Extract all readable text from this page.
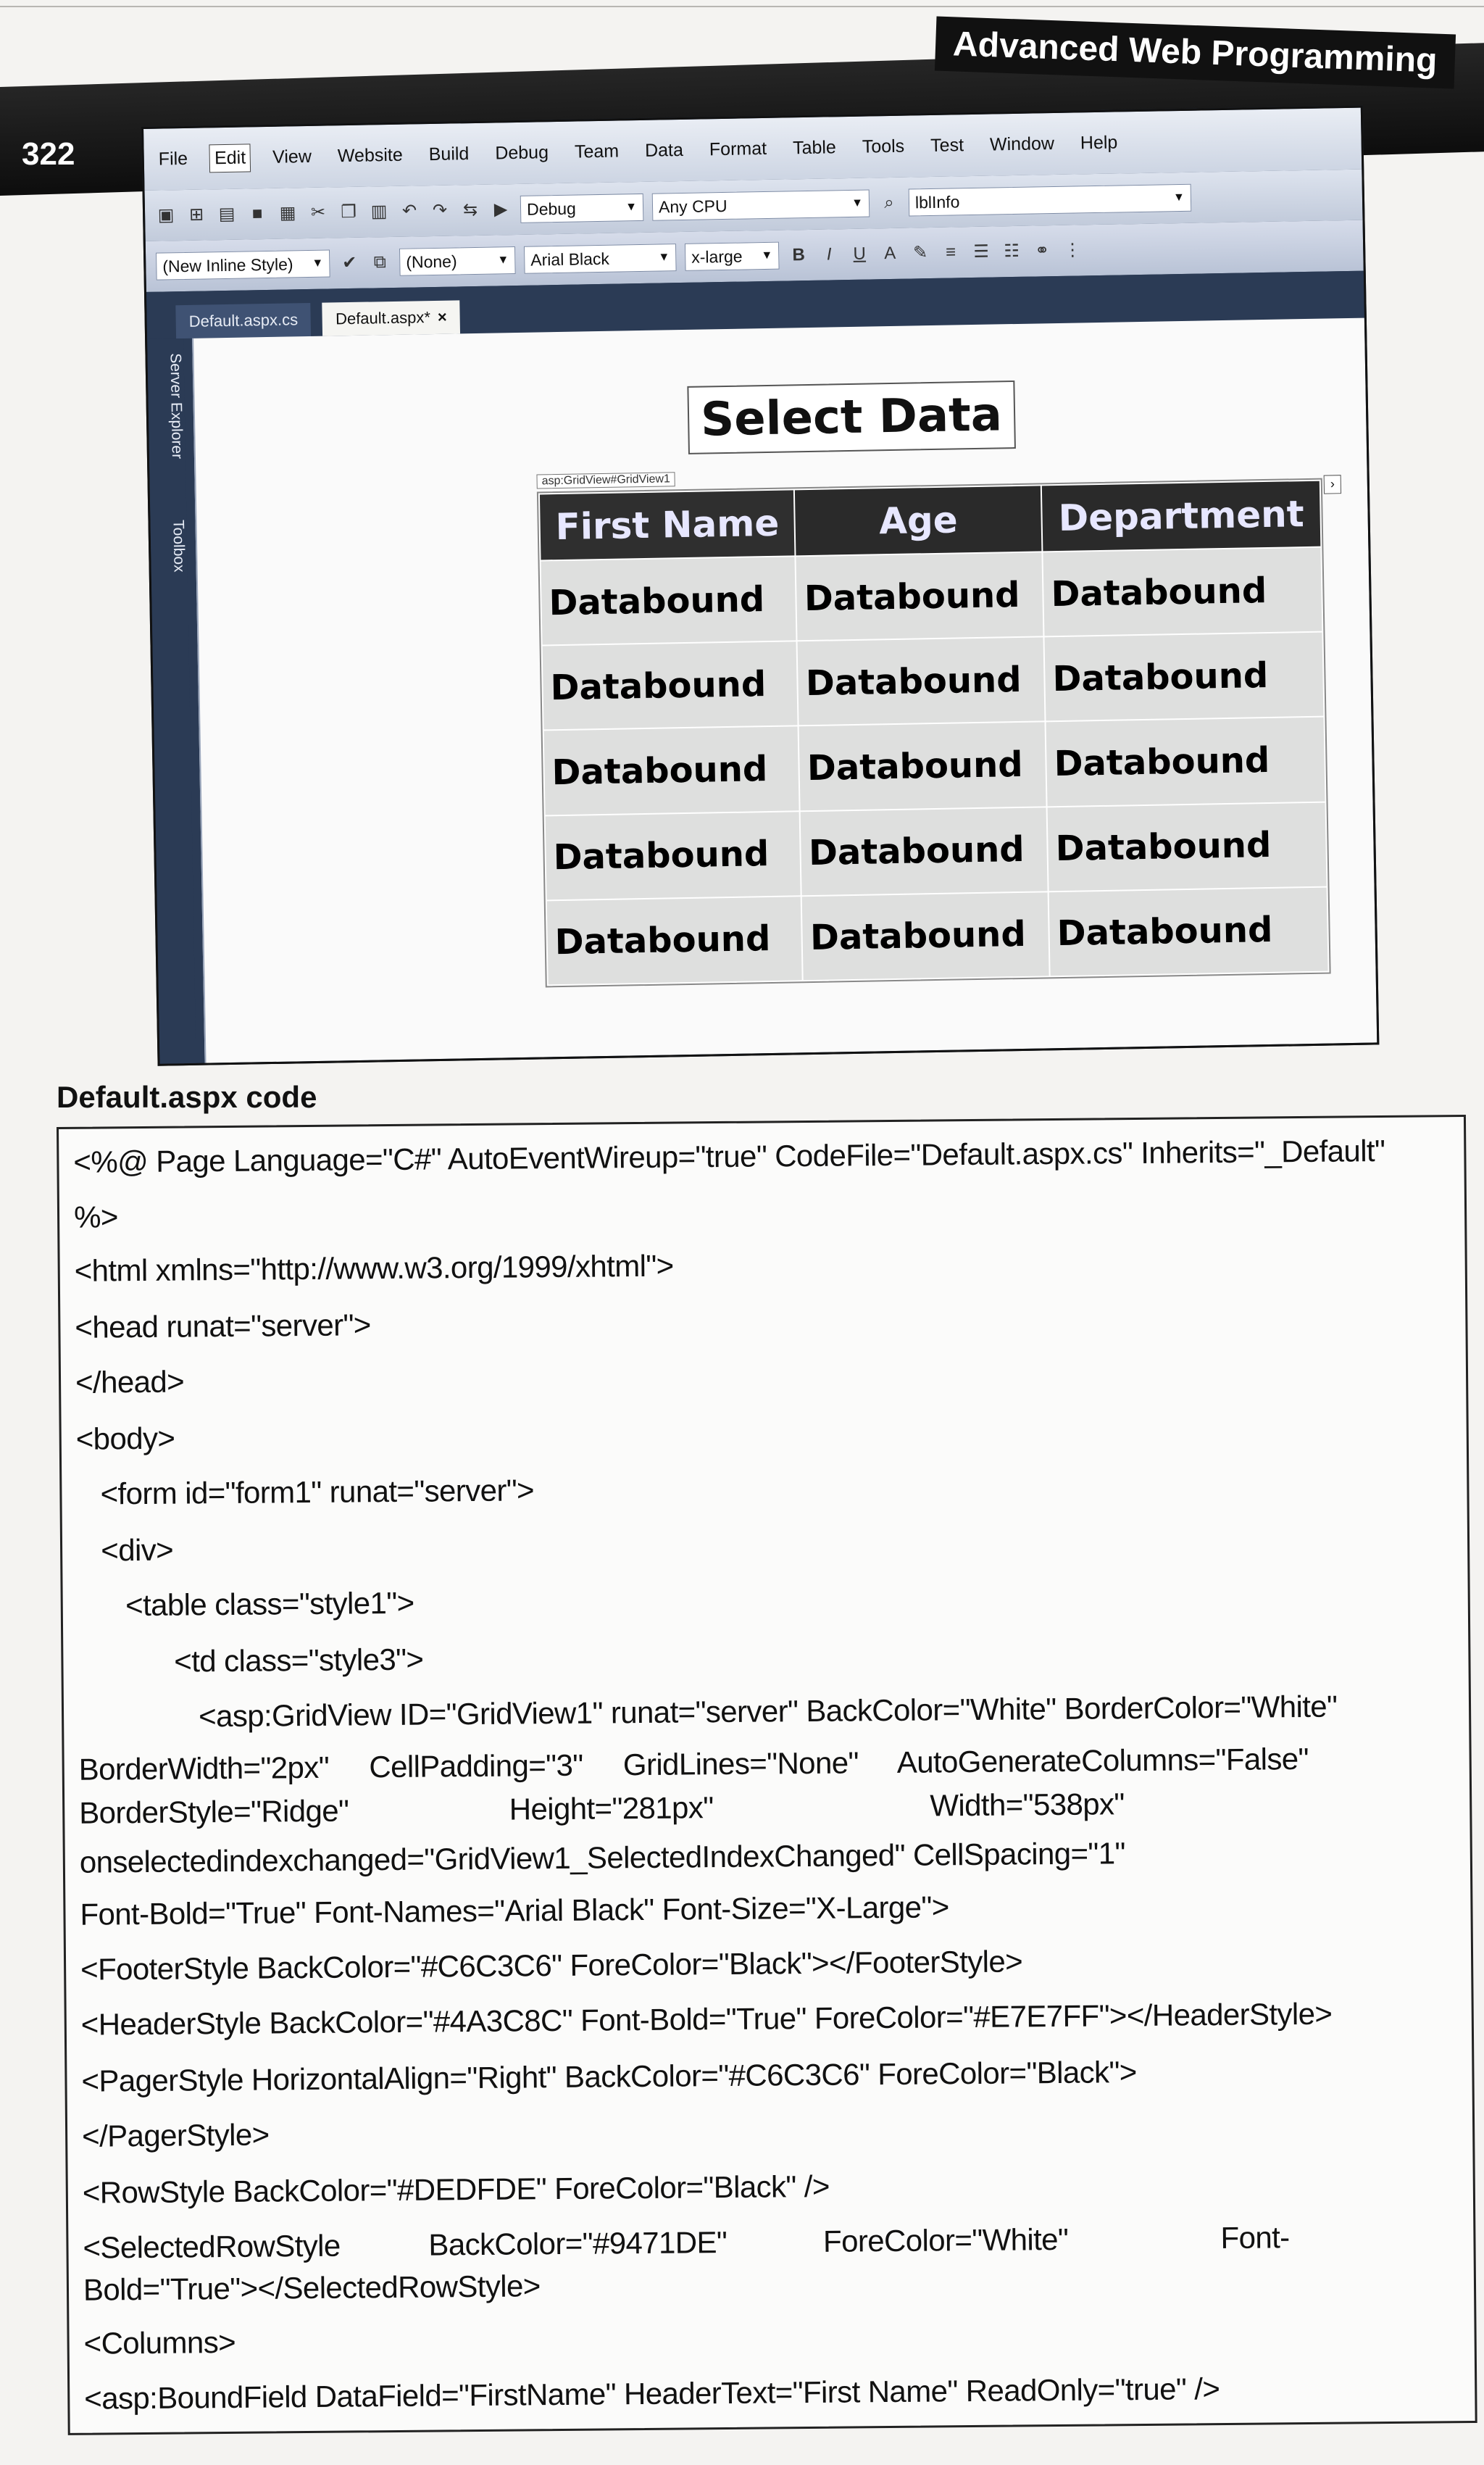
Advanced Web Programming
322	File Edit View Website Build Debug Team Data Format Table Tools Test Window Help
▣ ⊞ ▤ ■ ▦ ✂ ❐ ▥ ↶ ↷ ⇆ ▶ Debug	▼ Any CPU	▼	⌕	lblInfo	▼
(New Inline Style) ▼ ✔ ⧉ (None)	▼ Arial Black	▼ x-large ▼ B	I	U A ✎	≡ ☰ ☷ ⚭ ⋮
Default.aspx.cs	Default.aspx* ×
Server Explorer
Toolbox
Select Data
asp:GridView#GridView1	›
First Name	Age	Department
Databound	Databound	Databound
Databound	Databound	Databound
Databound	Databound	Databound
Databound	Databound	Databound
Databound	Databound	Databound
Default.aspx code
<%@ Page Language="C#" AutoEventWireup="true" CodeFile="Default.aspx.cs" Inherits="_Default"
%>
<html xmlns="http://www.w3.org/1999/xhtml">
<head runat="server">
</head>
<body>
<form id="form1" runat="server">
<div>
<table class="style1">
<td class="style3">
<asp:GridView ID="GridView1" runat="server" BackColor="White" BorderColor="White"
BorderWidth="2px"     CellPadding="3"     GridLines="None"     AutoGenerateColumns="False"
BorderStyle="Ridge"                    Height="281px"                           Width="538px"
onselectedindexchanged="GridView1_SelectedIndexChanged" CellSpacing="1"
Font-Bold="True" Font-Names="Arial Black" Font-Size="X-Large">
<FooterStyle BackColor="#C6C3C6" ForeColor="Black"></FooterStyle>
<HeaderStyle BackColor="#4A3C8C" Font-Bold="True" ForeColor="#E7E7FF"></HeaderStyle>
<PagerStyle HorizontalAlign="Right" BackColor="#C6C3C6" ForeColor="Black">
</PagerStyle>
<RowStyle BackColor="#DEDFDE" ForeColor="Black" />
<SelectedRowStyle           BackColor="#9471DE"            ForeColor="White"                   Font-
Bold="True"></SelectedRowStyle>
<Columns>
<asp:BoundField DataField="FirstName" HeaderText="First Name" ReadOnly="true" />
